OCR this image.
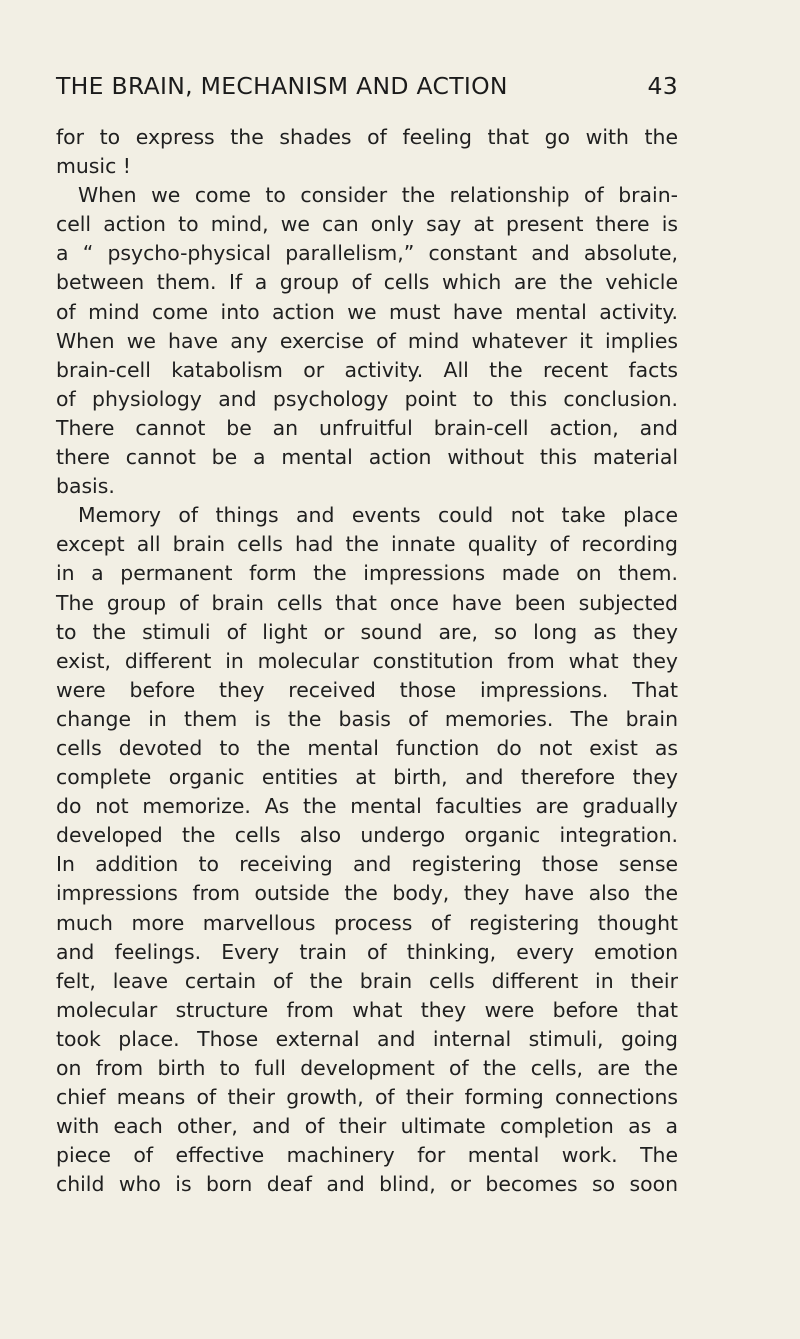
THE BRAIN, MECHANISM AND ACTION	43
for to express the shades of feeling that go with the
music !
When we come to consider the relationship of brain-
cell action to mind, we can only say at present there is
a “ psycho-physical parallelism,” constant and absolute,
between them. If a group of cells which are the vehicle
of mind come into action we must have mental activity.
When we have any exercise of mind whatever it implies
brain-cell katabolism or activity. All the recent facts
of physiology and psychology point to this conclusion.
There cannot be an unfruitful brain-cell action, and
there cannot be a mental action without this material
basis.
Memory of things and events could not take place
except all brain cells had the innate quality of recording
in a permanent form the impressions made on them.
The group of brain cells that once have been subjected
to the stimuli of light or sound are, so long as they
exist, different in molecular constitution from what they
were before they received those impressions. That
change in them is the basis of memories. The brain
cells devoted to the mental function do not exist as
complete organic entities at birth, and therefore they
do not memorize. As the mental faculties are gradually
developed the cells also undergo organic integration.
In addition to receiving and registering those sense
impressions from outside the body, they have also the
much more marvellous process of registering thought
and feelings. Every train of thinking, every emotion
felt, leave certain of the brain cells different in their
molecular structure from what they were before that
took place. Those external and internal stimuli, going
on from birth to full development of the cells, are the
chief means of their growth, of their forming connections
with each other, and of their ultimate completion as a
piece of effective machinery for mental work. The
child who is born deaf and blind, or becomes so soon
